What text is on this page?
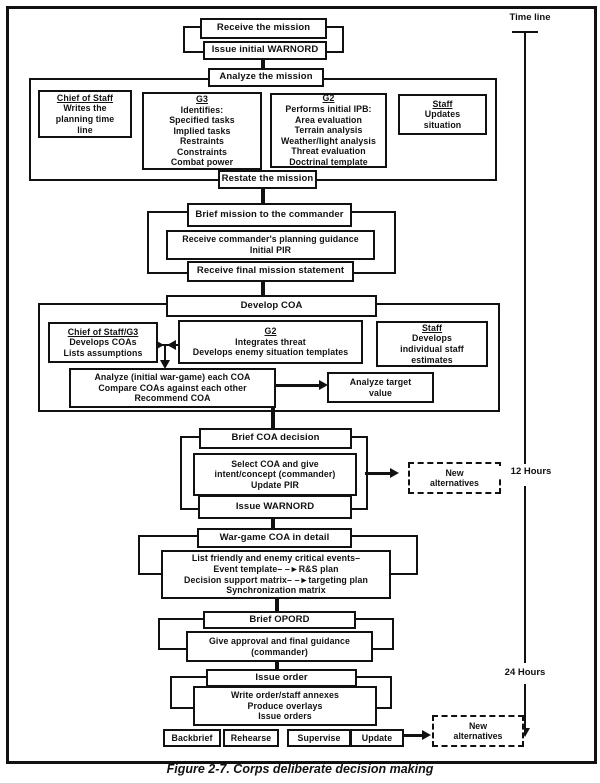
Time line
12 Hours
24 Hours
Receive the mission
Issue initial WARNORD
Analyze the mission
Chief of Staff
Writes the
planning time
line
G3
Identifies:
Specified tasks
Implied tasks
Restraints
Constraints
Combat power
G2
Performs initial IPB:
Area evaluation
Terrain analysis
Weather/light analysis
Threat evaluation
Doctrinal template
Staff
Updates
situation
Restate the mission
Brief mission to the commander
Receive commander's planning guidance
Initial PIR
Receive final mission statement
Develop COA
Chief of Staff/G3
Develops COAs
Lists assumptions
G2
Integrates threat
Develops enemy situation templates
Staff
Develops
individual staff
estimates
Analyze (initial war-game) each COA
Compare COAs against each other
Recommend COA
Analyze target
value
Brief COA decision
Select COA and give
intent/concept (commander)
Update PIR
Issue WARNORD
New
alternatives
War-game COA in detail
List friendly and enemy critical events–
Event template– –►R&S plan
Decision support matrix– –►targeting plan
Synchronization matrix
Brief OPORD
Give approval and final guidance
(commander)
Issue order
Write order/staff annexes
Produce overlays
Issue orders
Backbrief Rehearse	Supervise Update
New
alternatives
Figure 2-7. Corps deliberate decision making
